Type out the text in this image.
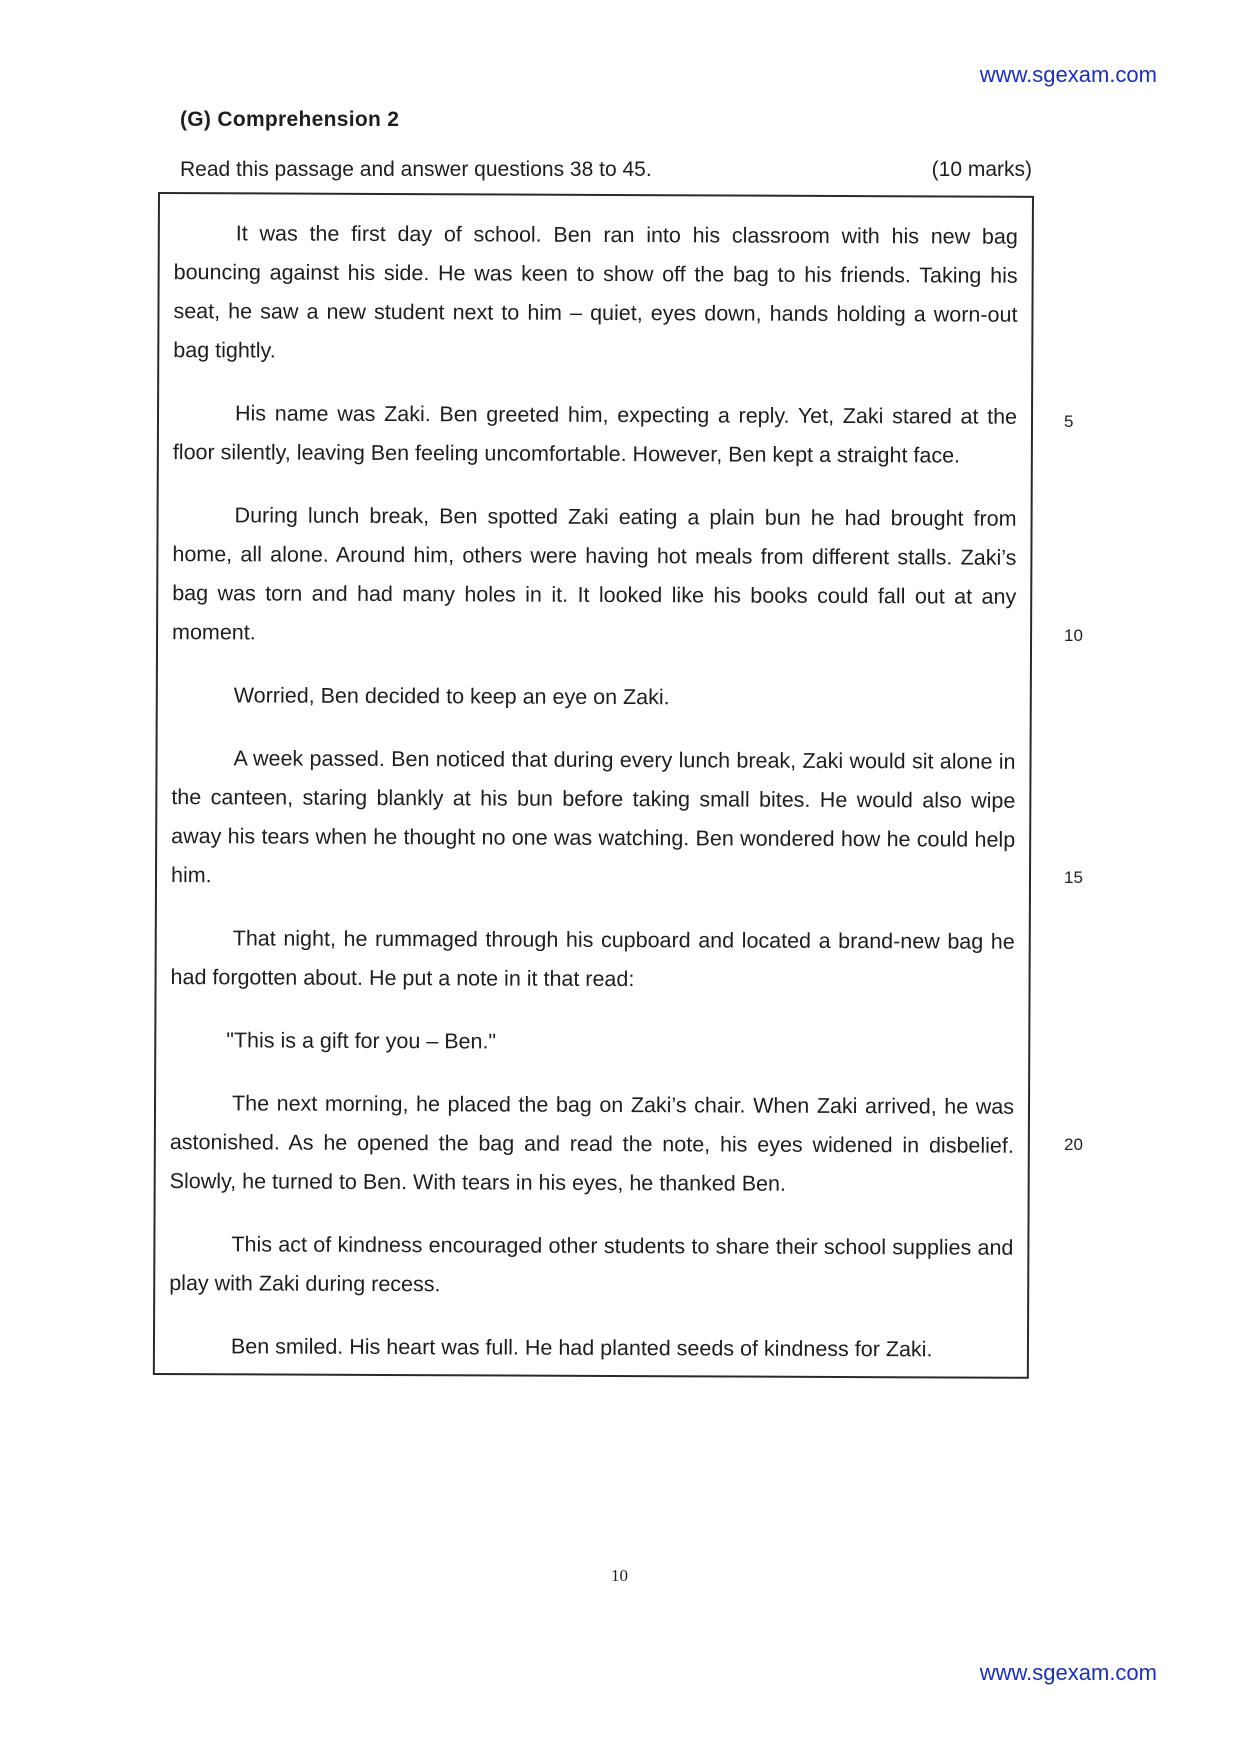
www.sgexam.com
(G) Comprehension 2
Read this passage and answer questions 38 to 45.	(10 marks)

It was the first day of school. Ben ran into his classroom with his new bag bouncing against his side. He was keen to show off the bag to his friends. Taking his seat, he saw a new student next to him – quiet, eyes down, hands holding a worn-out bag tightly.

His name was Zaki. Ben greeted him, expecting a reply. Yet, Zaki stared at the floor silently, leaving Ben feeling uncomfortable. However, Ben kept a straight face.

During lunch break, Ben spotted Zaki eating a plain bun he had brought from home, all alone. Around him, others were having hot meals from different stalls. Zaki’s bag was torn and had many holes in it. It looked like his books could fall out at any moment.

Worried, Ben decided to keep an eye on Zaki.

A week passed. Ben noticed that during every lunch break, Zaki would sit alone in the canteen, staring blankly at his bun before taking small bites. He would also wipe away his tears when he thought no one was watching. Ben wondered how he could help him.

That night, he rummaged through his cupboard and located a brand-new bag he had forgotten about. He put a note in it that read:

"This is a gift for you – Ben."

The next morning, he placed the bag on Zaki’s chair. When Zaki arrived, he was astonished. As he opened the bag and read the note, his eyes widened in disbelief. Slowly, he turned to Ben. With tears in his eyes, he thanked Ben.

This act of kindness encouraged other students to share their school supplies and play with Zaki during recess.

Ben smiled. His heart was full. He had planted seeds of kindness for Zaki.

5
10
15
20
10
www.sgexam.com
